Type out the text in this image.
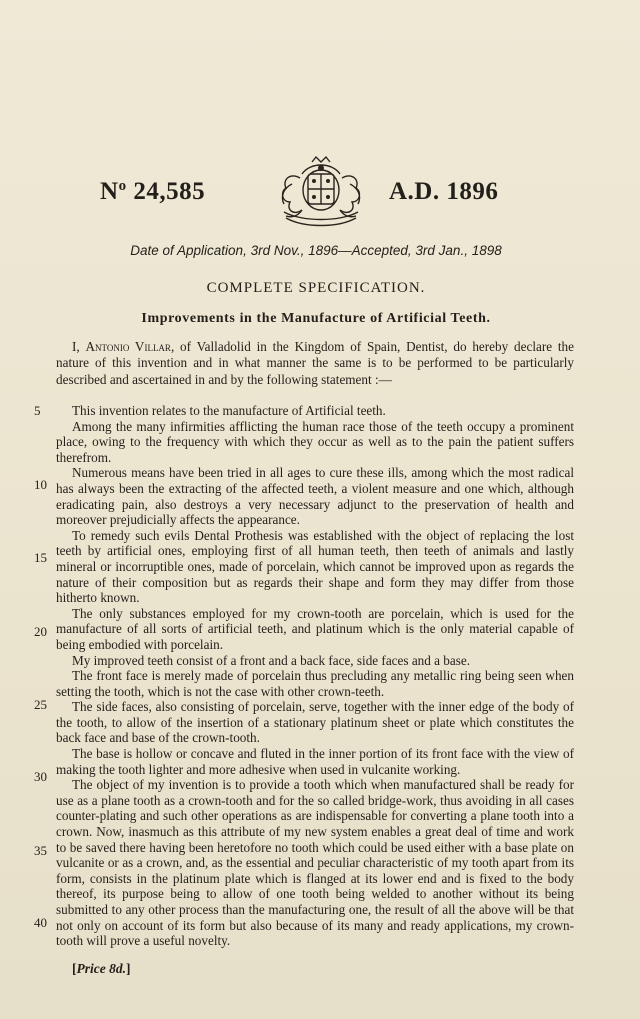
$N^o$ 24,585	A.D. 1896
Date of Application, 3rd Nov., 1896—Accepted, 3rd Jan., 1898
COMPLETE SPECIFICATION.
Improvements in the Manufacture of Artificial Teeth.

I, Antonio Villar, of Valladolid in the Kingdom of Spain, Dentist, do hereby declare the nature of this invention and in what manner the same is to be performed to be particularly described and ascertained in and by the following statement :—

This invention relates to the manufacture of Artificial teeth.

Among the many infirmities afflicting the human race those of the teeth occupy a prominent place, owing to the frequency with which they occur as well as to the pain the patient suffers therefrom.

Numerous means have been tried in all ages to cure these ills, among which the most radical has always been the extracting of the affected teeth, a violent measure and one which, although eradicating pain, also destroys a very necessary adjunct to the preservation of health and moreover prejudicially affects the appearance.

To remedy such evils Dental Prothesis was established with the object of replacing the lost teeth by artificial ones, employing first of all human teeth, then teeth of animals and lastly mineral or incorruptible ones, made of porcelain, which cannot be improved upon as regards the nature of their composition but as regards their shape and form they may differ from those hitherto known.

The only substances employed for my crown-tooth are porcelain, which is used for the manufacture of all sorts of artificial teeth, and platinum which is the only material capable of being embodied with porcelain.

My improved teeth consist of a front and a back face, side faces and a base.

The front face is merely made of porcelain thus precluding any metallic ring being seen when setting the tooth, which is not the case with other crown-teeth.

The side faces, also consisting of porcelain, serve, together with the inner edge of the body of the tooth, to allow of the insertion of a stationary platinum sheet or plate which constitutes the back face and base of the crown-tooth.

The base is hollow or concave and fluted in the inner portion of its front face with the view of making the tooth lighter and more adhesive when used in vulcanite working.

The object of my invention is to provide a tooth which when manufactured shall be ready for use as a plane tooth as a crown-tooth and for the so called bridge-work, thus avoiding in all cases counter-plating and such other operations as are indispensable for converting a plane tooth into a crown. Now, inasmuch as this attribute of my new system enables a great deal of time and work to be saved there having been heretofore no tooth which could be used either with a base plate on vulcanite or as a crown, and, as the essential and peculiar characteristic of my tooth apart from its form, consists in the platinum plate which is flanged at its lower end and is fixed to the body thereof, its purpose being to allow of one tooth being welded to another without its being submitted to any other process than the manufacturing one, the result of all the above will be that not only on account of its form but also because of its many and ready applications, my crown-tooth will prove a useful novelty.

5
10
15
20
25
30
35
40
[Price 8d.]
